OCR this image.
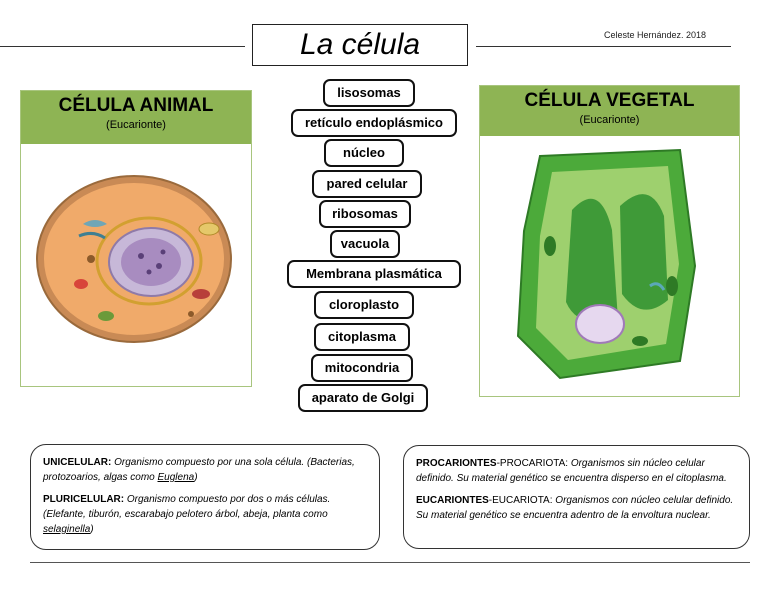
La célula	Celeste Hernández. 2018
CÉLULA ANIMAL
(Eucarionte)
CÉLULA VEGETAL
(Eucarionte)
lisosomas
retículo endoplásmico
núcleo
pared celular
ribosomas
vacuola
Membrana plasmática
cloroplasto
citoplasma
mitocondria
aparato de Golgi

UNICELULAR: Organismo compuesto por una sola célula. (Bacterias, protozoarios, algas como Euglena)

PLURICELULAR: Organismo compuesto por dos o más células. (Elefante, tiburón, escarabajo pelotero árbol, abeja, planta como selaginella)

PROCARIONTES-PROCARIOTA: Organismos sin núcleo celular definido. Su material genético se encuentra disperso en el citoplasma.

EUCARIONTES-EUCARIOTA: Organismos con núcleo celular definido. Su material genético se encuentra adentro de la envoltura nuclear.
